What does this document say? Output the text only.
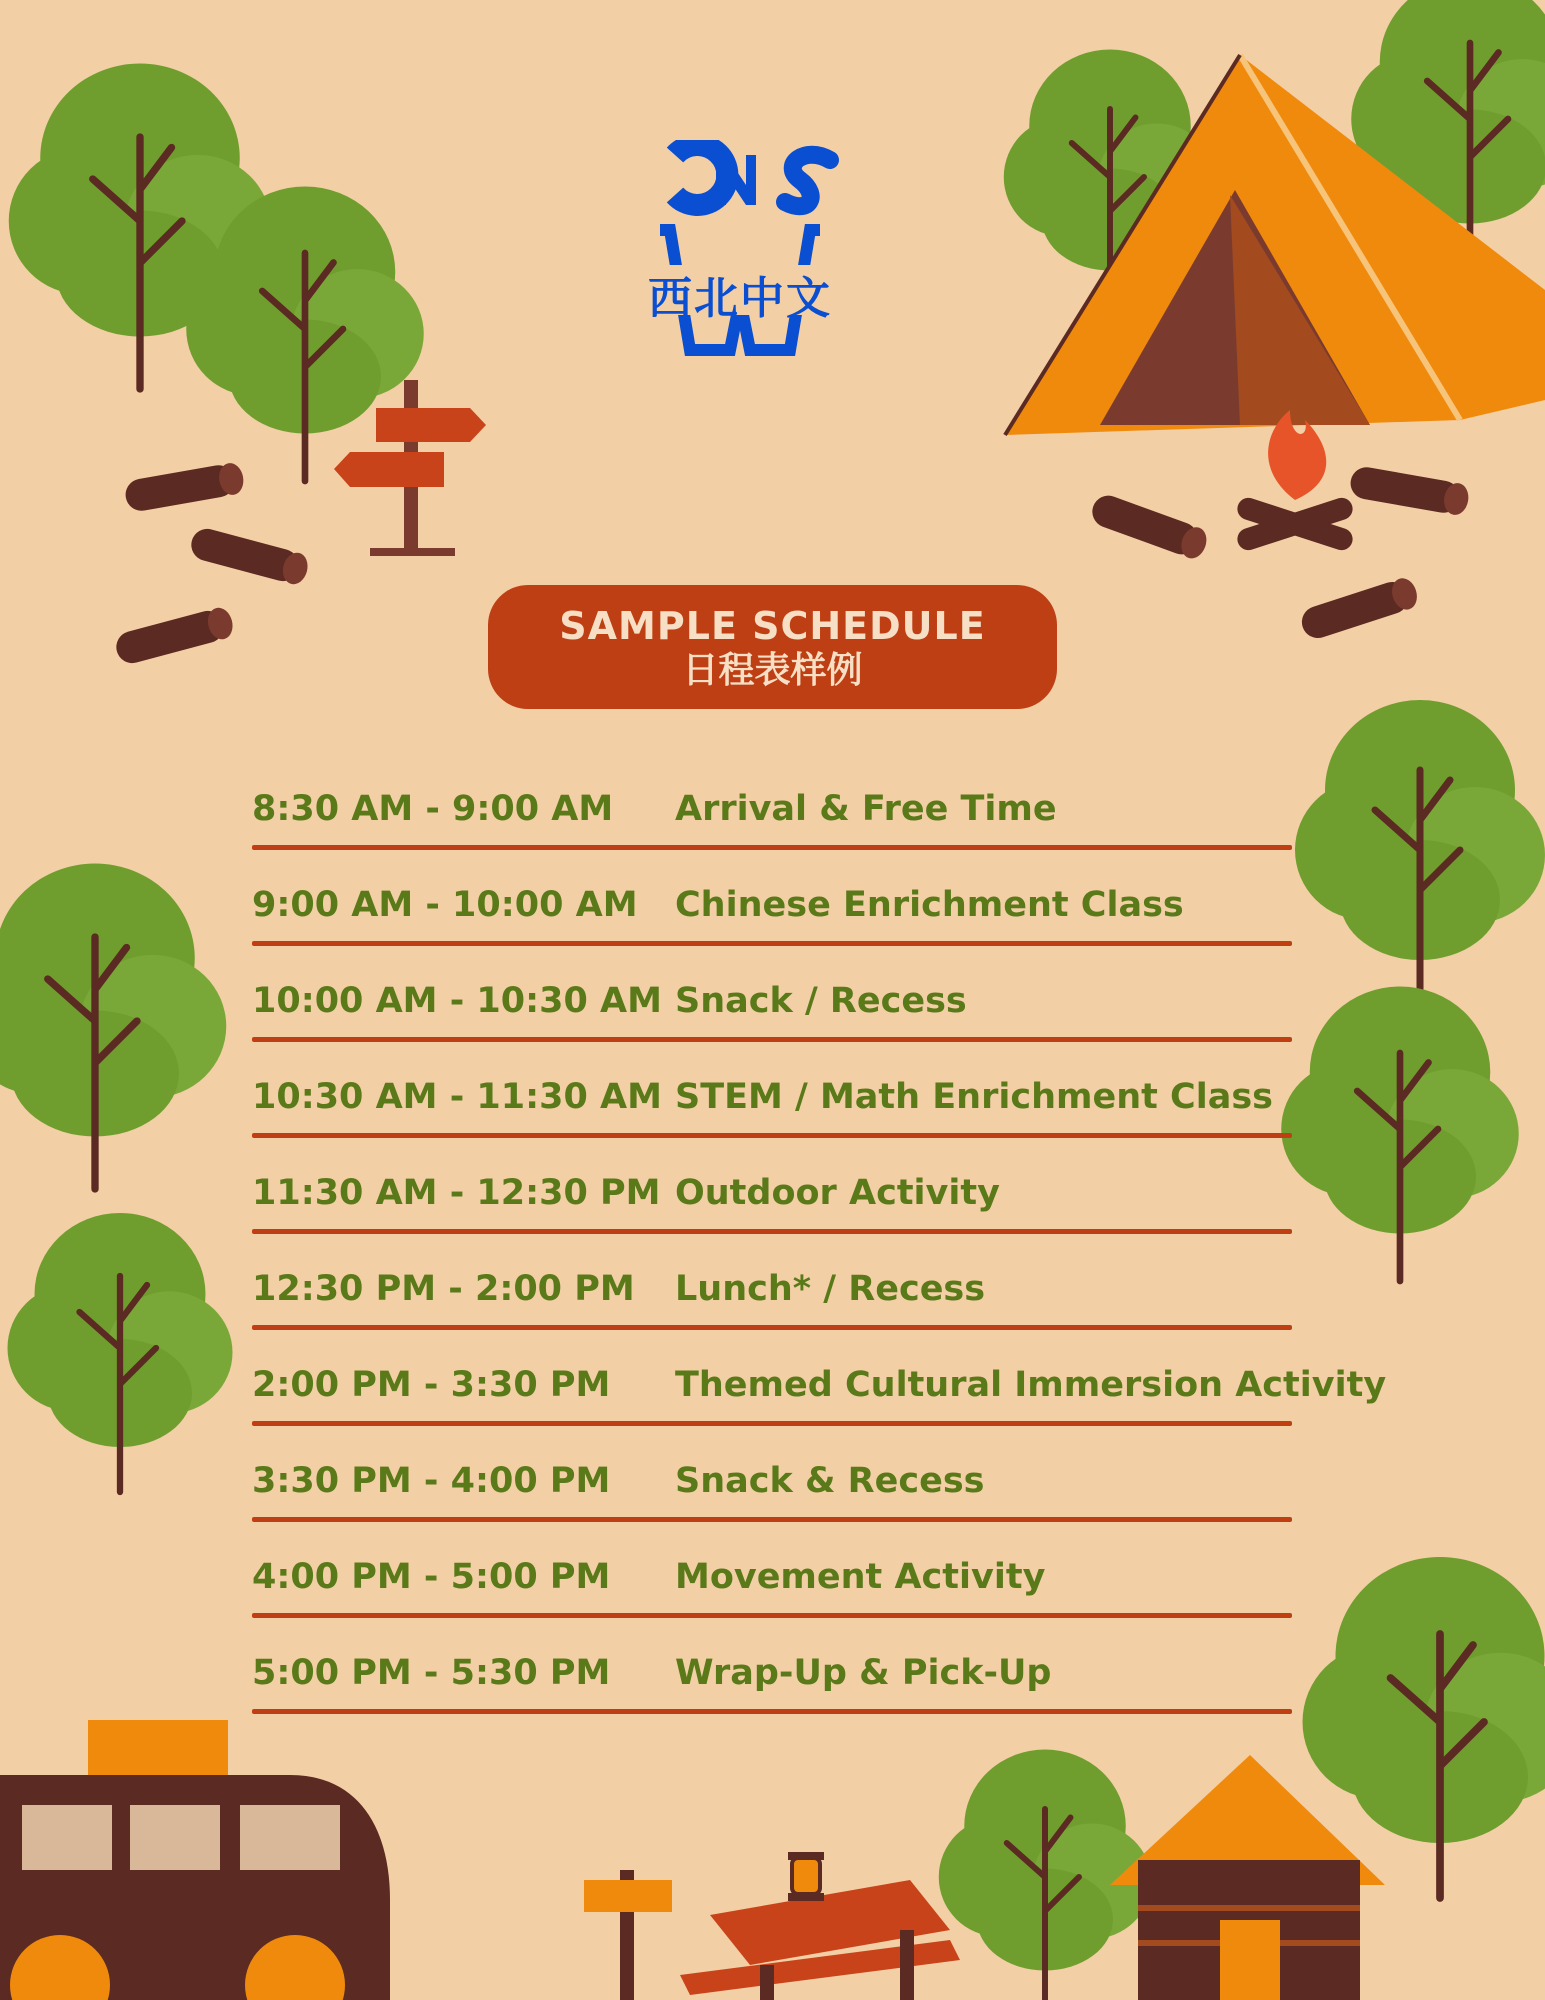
西北中文
SAMPLE SCHEDULE
日程表样例
8:30 AM - 9:00 AM Arrival & Free Time
9:00 AM - 10:00 AM Chinese Enrichment Class
10:00 AM - 10:30 AM Snack / Recess
10:30 AM - 11:30 AM STEM / Math Enrichment Class
11:30 AM - 12:30 PM Outdoor Activity
12:30 PM - 2:00 PM Lunch* / Recess
2:00 PM - 3:30 PM Themed Cultural Immersion Activity
3:30 PM - 4:00 PM Snack & Recess
4:00 PM - 5:00 PM Movement Activity
5:00 PM - 5:30 PM Wrap-Up & Pick-Up
